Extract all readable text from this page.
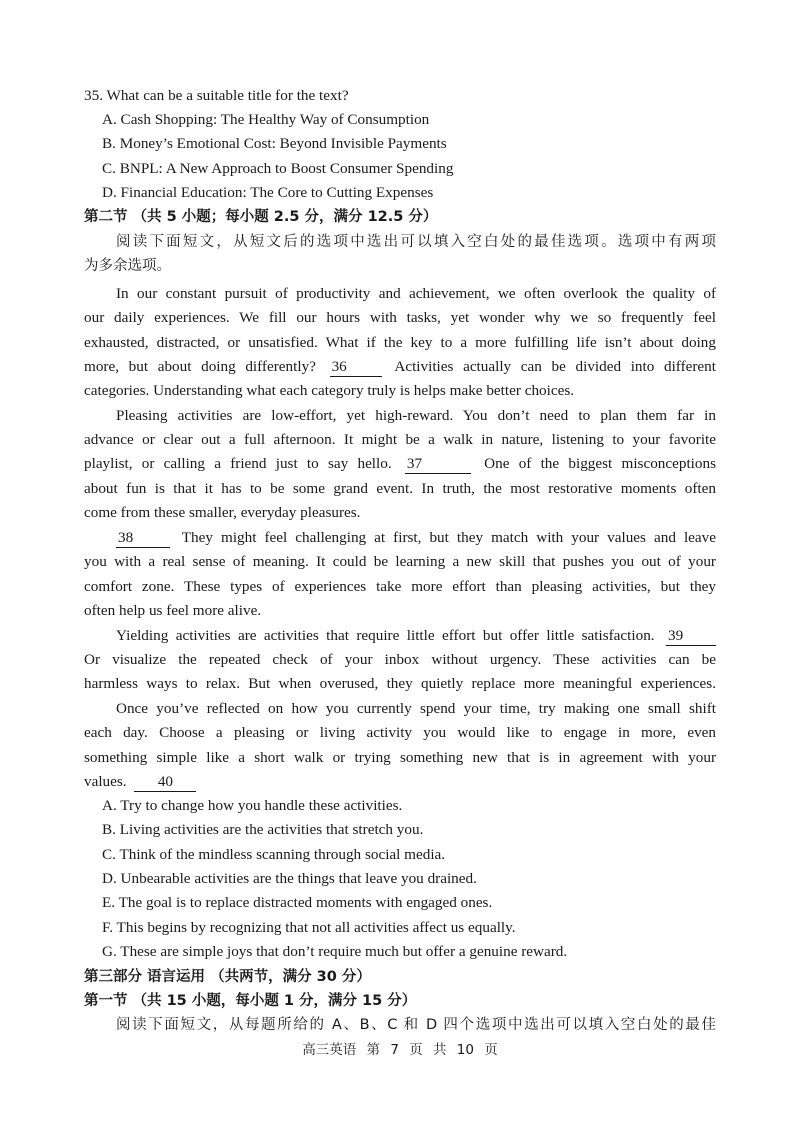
35. What can be a suitable title for the text?
A. Cash Shopping: The Healthy Way of Consumption
B. Money’s Emotional Cost: Beyond Invisible Payments
C. BNPL: A New Approach to Boost Consumer Spending
D. Financial Education: The Core to Cutting Expenses
第二节 （共 5 小题；每小题 2.5 分，满分 12.5 分）
阅读下面短文，从短文后的选项中选出可以填入空白处的最佳选项。选项中有两项
为多余选项。
In our constant pursuit of productivity and achievement, we often overlook the quality of
our daily experiences. We fill our hours with tasks, yet wonder why we so frequently feel
exhausted, distracted, or unsatisfied. What if the key to a more fulfilling life isn’t about doing
more, but about doing differently? 36	Activities actually can be divided into different
categories. Understanding what each category truly is helps make better choices.
Pleasing activities are low-effort, yet high-reward. You don’t need to plan them far in
advance or clear out a full afternoon. It might be a walk in nature, listening to your favorite
playlist, or calling a friend just to say hello. 37	One of the biggest misconceptions
about fun is that it has to be some grand event. In truth, the most restorative moments often
come from these smaller, everyday pleasures.
38	They might feel challenging at first, but they match with your values and leave
you with a real sense of meaning. It could be learning a new skill that pushes you out of your
comfort zone. These types of experiences take more effort than pleasing activities, but they
often help us feel more alive.
Yielding activities are activities that require little effort but offer little satisfaction. 39
Or visualize the repeated check of your inbox without urgency. These activities can be
harmless ways to relax. But when overused, they quietly replace more meaningful experiences.
Once you’ve reflected on how you currently spend your time, try making one small shift
each day. Choose a pleasing or living activity you would like to engage in more, even
something simple like a short walk or trying something new that is in agreement with your
values. 40
A. Try to change how you handle these activities.
B. Living activities are the activities that stretch you.
C. Think of the mindless scanning through social media.
D. Unbearable activities are the things that leave you drained.
E. The goal is to replace distracted moments with engaged ones.
F. This begins by recognizing that not all activities affect us equally.
G. These are simple joys that don’t require much but offer a genuine reward.
第三部分 语言运用 （共两节，满分 30 分）
第一节 （共 15 小题，每小题 1 分，满分 15 分）
阅读下面短文，从每题所给的 A、B、C 和 D 四个选项中选出可以填入空白处的最佳
高三英语 第 7 页 共 10 页
